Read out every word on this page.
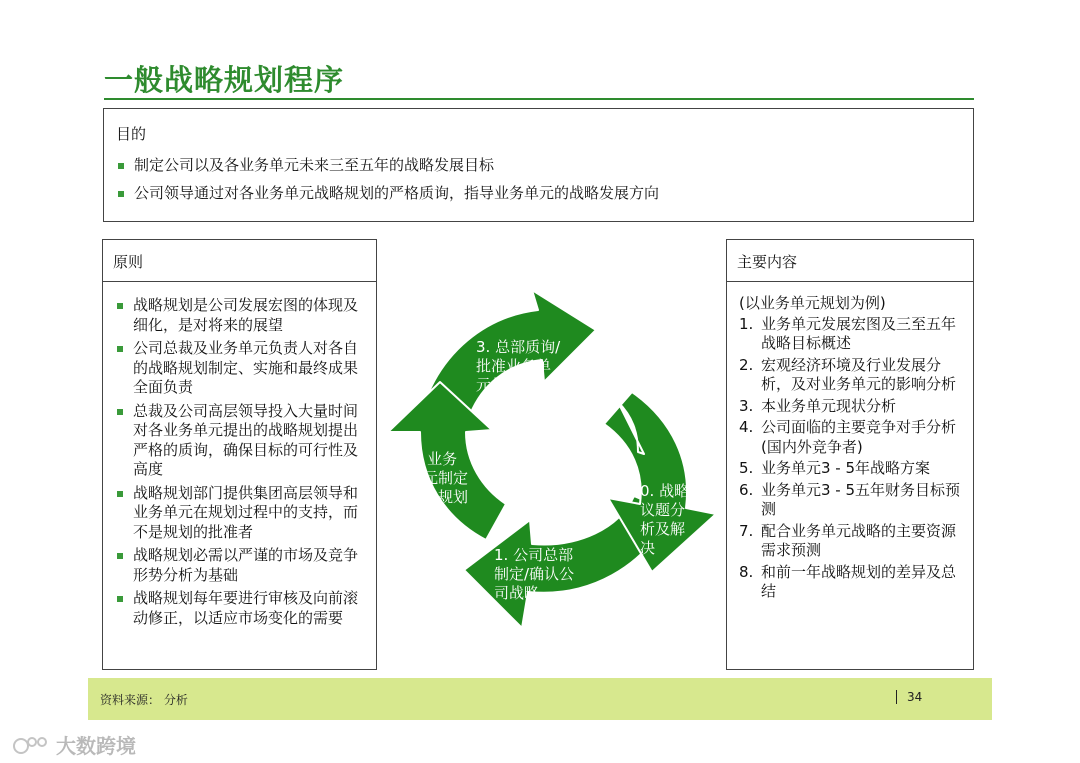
一般战略规划程序
目的
制定公司以及各业务单元未来三至五年的战略发展目标
公司领导通过对各业务单元战略规划的严格质询，指导业务单元的战略发展方向
原则
战略规划是公司发展宏图的体现及细化，是对将来的展望
公司总裁及业务单元负责人对各自的战略规划制定、实施和最终成果全面负责
总裁及公司高层领导投入大量时间对各业务单元提出的战略规划提出严格的质询，确保目标的可行性及高度
战略规划部门提供集团高层领导和业务单元在规划过程中的支持，而不是规划的批准者
战略规划必需以严谨的市场及竞争形势分析为基础
战略规划每年要进行审核及向前滚动修正，以适应市场变化的需要
0. 战略
议题分
析及解
决
1. 公司总部
制定/确认公
司战略
2. 业务
单元制定
战略规划
3. 总部质询/
批准业务单
元战略规划
主要内容
(以业务单元规划为例)
1. 业务单元发展宏图及三至五年战略目标概述
2. 宏观经济环境及行业发展分析，及对业务单元的影响分析
3. 本业务单元现状分析
4. 公司面临的主要竞争对手分析 (国内外竞争者)
5. 业务单元3 - 5年战略方案
6. 业务单元3 - 5五年财务目标预测
7. 配合业务单元战略的主要资源需求预测
8. 和前一年战略规划的差异及总结
资料来源： 分析	34
大数跨境
